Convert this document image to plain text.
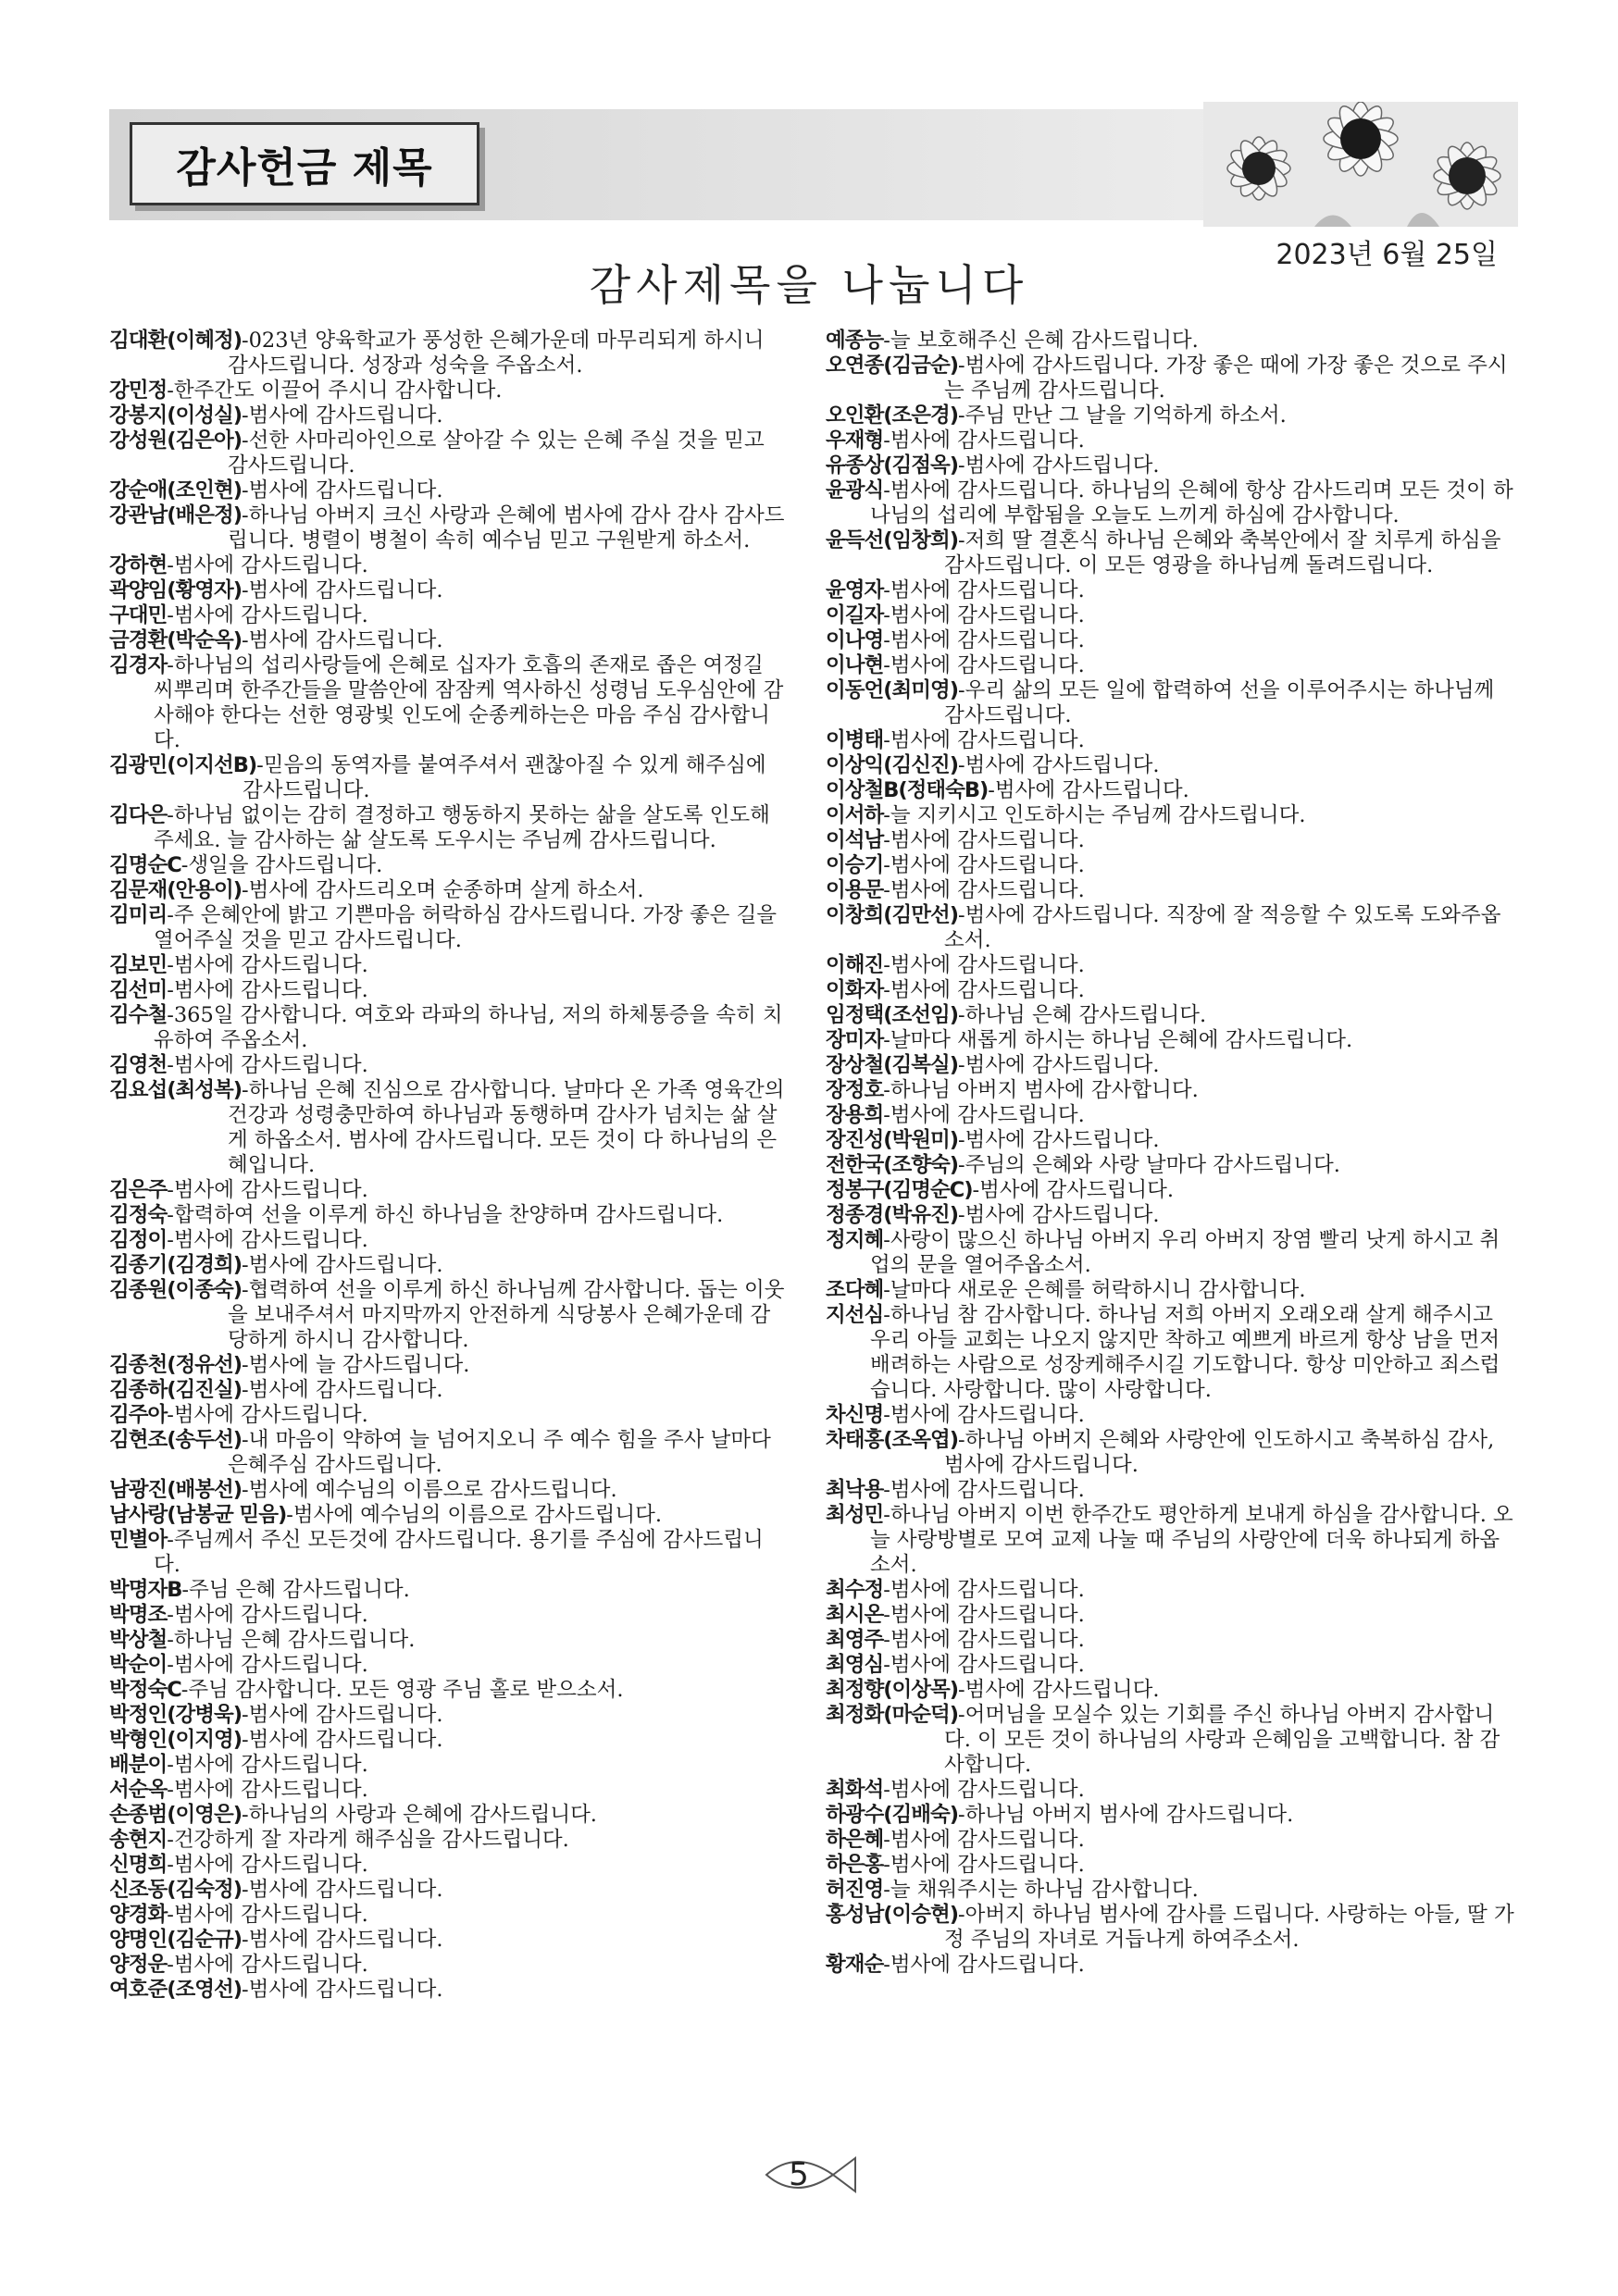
감사헌금 제목
2023년 6월 25일
감사제목을 나눕니다

김대환(이혜정)-023년 양육학교가 풍성한 은혜가운데 마무리되게 하시니 감사드립니다. 성장과 성숙을 주옵소서.

강민정-한주간도 이끌어 주시니 감사합니다.

강봉지(이성실)-범사에 감사드립니다.

강성원(김은아)-선한 사마리아인으로 살아갈 수 있는 은혜 주실 것을 믿고 감사드립니다.

강순애(조인현)-범사에 감사드립니다.

강관남(배은정)-하나님 아버지 크신 사랑과 은혜에 범사에 감사 감사 감사드립니다. 병렬이 병철이 속히 예수님 믿고 구원받게 하소서.

강하현-범사에 감사드립니다.

곽양임(황영자)-범사에 감사드립니다.

구대민-범사에 감사드립니다.

금경환(박순옥)-범사에 감사드립니다.

김경자-하나님의 섭리사랑들에 은혜로 십자가 호흡의 존재로 좁은 여정길 씨뿌리며 한주간들을 말씀안에 잠잠케 역사하신 성령님 도우심안에 감사해야 한다는 선한 영광빛 인도에 순종케하는은 마음 주심 감사합니다.

김광민(이지선B)-믿음의 동역자를 붙여주셔서 괜찮아질 수 있게 해주심에 감사드립니다.

김다은-하나님 없이는 감히 결정하고 행동하지 못하는 삶을 살도록 인도해주세요. 늘 감사하는 삶 살도록 도우시는 주님께 감사드립니다.

김명순C-생일을 감사드립니다.

김문재(안용이)-범사에 감사드리오며 순종하며 살게 하소서.

김미리-주 은혜안에 밝고 기쁜마음 허락하심 감사드립니다. 가장 좋은 길을 열어주실 것을 믿고 감사드립니다.

김보민-범사에 감사드립니다.

김선미-범사에 감사드립니다.

김수철-365일 감사합니다. 여호와 라파의 하나님, 저의 하체통증을 속히 치유하여 주옵소서.

김영천-범사에 감사드립니다.

김요섭(최성복)-하나님 은혜 진심으로 감사합니다. 날마다 온 가족 영육간의 건강과 성령충만하여 하나님과 동행하며 감사가 넘치는 삶 살게 하옵소서. 범사에 감사드립니다. 모든 것이 다 하나님의 은혜입니다.

김은주-범사에 감사드립니다.

김정숙-합력하여 선을 이루게 하신 하나님을 찬양하며 감사드립니다.

김정이-범사에 감사드립니다.

김종기(김경희)-범사에 감사드립니다.

김종원(이종숙)-협력하여 선을 이루게 하신 하나님께 감사합니다. 돕는 이웃을 보내주셔서 마지막까지 안전하게 식당봉사 은혜가운데 감당하게 하시니 감사합니다.

김종천(정유선)-범사에 늘 감사드립니다.

김종하(김진실)-범사에 감사드립니다.

김주아-범사에 감사드립니다.

김현조(송두선)-내 마음이 약하여 늘 넘어지오니 주 예수 힘을 주사 날마다 은혜주심 감사드립니다.

남광진(배봉선)-범사에 예수님의 이름으로 감사드립니다.

남사랑(남봉균 믿음)-범사에 예수님의 이름으로 감사드립니다.

민별아-주님께서 주신 모든것에 감사드립니다. 용기를 주심에 감사드립니다.

박명자B-주님 은혜 감사드립니다.

박명조-범사에 감사드립니다.

박상철-하나님 은혜 감사드립니다.

박순이-범사에 감사드립니다.

박정숙C-주님 감사합니다. 모든 영광 주님 홀로 받으소서.

박정인(강병욱)-범사에 감사드립니다.

박형인(이지영)-범사에 감사드립니다.

배분이-범사에 감사드립니다.

서순옥-범사에 감사드립니다.

손종범(이영은)-하나님의 사랑과 은혜에 감사드립니다.

송현지-건강하게 잘 자라게 해주심을 감사드립니다.

신명희-범사에 감사드립니다.

신조동(김숙정)-범사에 감사드립니다.

양경화-범사에 감사드립니다.

양명인(김순규)-범사에 감사드립니다.

양정운-범사에 감사드립니다.

여호준(조영선)-범사에 감사드립니다.

예종능-늘 보호해주신 은혜 감사드립니다.

오연종(김금순)-범사에 감사드립니다. 가장 좋은 때에 가장 좋은 것으로 주시는 주님께 감사드립니다.

오인환(조은경)-주님 만난 그 날을 기억하게 하소서.

우재형-범사에 감사드립니다.

유종상(김점옥)-범사에 감사드립니다.

윤광식-범사에 감사드립니다. 하나님의 은혜에 항상 감사드리며 모든 것이 하나님의 섭리에 부합됨을 오늘도 느끼게 하심에 감사합니다.

윤득선(임창희)-저희 딸 결혼식 하나님 은혜와 축복안에서 잘 치루게 하심을 감사드립니다. 이 모든 영광을 하나님께 돌려드립니다.

윤영자-범사에 감사드립니다.

이길자-범사에 감사드립니다.

이나영-범사에 감사드립니다.

이나현-범사에 감사드립니다.

이동언(최미영)-우리 삶의 모든 일에 합력하여 선을 이루어주시는 하나님께 감사드립니다.

이병태-범사에 감사드립니다.

이상익(김신진)-범사에 감사드립니다.

이상철B(정태숙B)-범사에 감사드립니다.

이서하-늘 지키시고 인도하시는 주님께 감사드립니다.

이석남-범사에 감사드립니다.

이승기-범사에 감사드립니다.

이용문-범사에 감사드립니다.

이창희(김만선)-범사에 감사드립니다. 직장에 잘 적응할 수 있도록 도와주옵소서.

이해진-범사에 감사드립니다.

이화자-범사에 감사드립니다.

임정택(조선임)-하나님 은혜 감사드립니다.

장미자-날마다 새롭게 하시는 하나님 은혜에 감사드립니다.

장상철(김복실)-범사에 감사드립니다.

장정호-하나님 아버지 범사에 감사합니다.

장용희-범사에 감사드립니다.

장진성(박원미)-범사에 감사드립니다.

전한국(조향숙)-주님의 은혜와 사랑 날마다 감사드립니다.

정봉구(김명순C)-범사에 감사드립니다.

정종경(박유진)-범사에 감사드립니다.

정지혜-사랑이 많으신 하나님 아버지 우리 아버지 장염 빨리 낫게 하시고 취업의 문을 열어주옵소서.

조다혜-날마다 새로운 은혜를 허락하시니 감사합니다.

지선심-하나님 참 감사합니다. 하나님 저희 아버지 오래오래 살게 해주시고 우리 아들 교회는 나오지 않지만 착하고 예쁘게 바르게 항상 남을 먼저 배려하는 사람으로 성장케해주시길 기도합니다. 항상 미안하고 죄스럽습니다. 사랑합니다. 많이 사랑합니다.

차신명-범사에 감사드립니다.

차태홍(조옥엽)-하나님 아버지 은혜와 사랑안에 인도하시고 축복하심 감사, 범사에 감사드립니다.

최낙용-범사에 감사드립니다.

최성민-하나님 아버지 이번 한주간도 평안하게 보내게 하심을 감사합니다. 오늘 사랑방별로 모여 교제 나눌 때 주님의 사랑안에 더욱 하나되게 하옵소서.

최수정-범사에 감사드립니다.

최시온-범사에 감사드립니다.

최영주-범사에 감사드립니다.

최영심-범사에 감사드립니다.

최정향(이상목)-범사에 감사드립니다.

최정화(마순덕)-어머님을 모실수 있는 기회를 주신 하나님 아버지 감사합니다. 이 모든 것이 하나님의 사랑과 은혜임을 고백합니다. 참 감사합니다.

최화석-범사에 감사드립니다.

하광수(김배숙)-하나님 아버지 범사에 감사드립니다.

하은혜-범사에 감사드립니다.

하은홍-범사에 감사드립니다.

허진영-늘 채워주시는 하나님 감사합니다.

홍성남(이승현)-아버지 하나님 범사에 감사를 드립니다. 사랑하는 아들, 딸 가정 주님의 자녀로 거듭나게 하여주소서.

황재순-범사에 감사드립니다.

5
